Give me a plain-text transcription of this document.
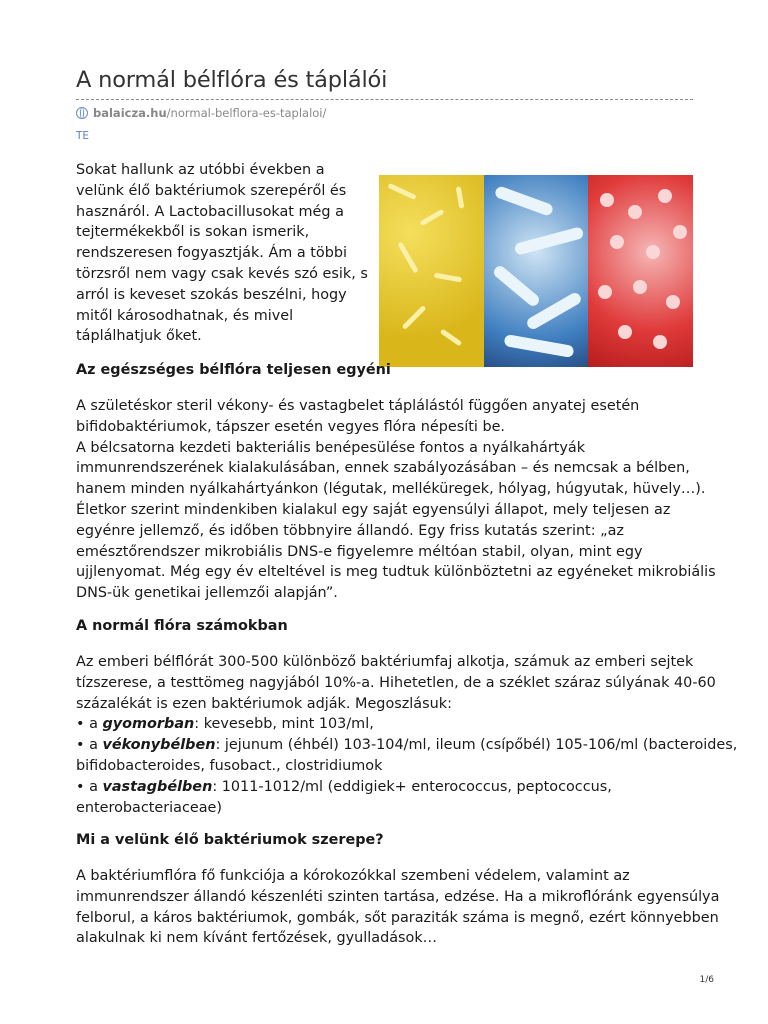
A normál bélflóra és táplálói
balaicza.hu/normal-belflora-es-taplaloi/
TE

Sokat hallunk az utóbbi években a
velünk élő baktériumok szerepéről és
hasznáról. A Lactobacillusokat még a
tejtermékekből is sokan ismerik,
rendszeresen fogyasztják. Ám a többi
törzsről nem vagy csak kevés szó esik, s
arról is keveset szokás beszélni, hogy
mitől károsodhatnak, és mivel
táplálhatjuk őket.

Az egészséges bélflóra teljesen egyéni

A születéskor steril vékony- és vastagbelet táplálástól függően anyatej esetén
bifidobaktériumok, tápszer esetén vegyes flóra népesíti be.
A bélcsatorna kezdeti bakteriális benépesülése fontos a nyálkahártyák
immunrendszerének kialakulásában, ennek szabályozásában – és nemcsak a bélben,
hanem minden nyálkahártyánkon (légutak, melléküregek, hólyag, húgyutak, hüvely…).
Életkor szerint mindenkiben kialakul egy saját egyensúlyi állapot, mely teljesen az
egyénre jellemző, és időben többnyire állandó. Egy friss kutatás szerint: „az
emésztőrendszer mikrobiális DNS-e figyelemre méltóan stabil, olyan, mint egy
ujjlenyomat. Még egy év elteltével is meg tudtuk különböztetni az egyéneket mikrobiális
DNS-ük genetikai jellemzői alapján”.

A normál flóra számokban

Az emberi bélflórát 300-500 különböző baktériumfaj alkotja, számuk az emberi sejtek
tízszerese, a testtömeg nagyjából 10%-a. Hihetetlen, de a széklet száraz súlyának 40-60
százalékát is ezen baktériumok adják. Megoszlásuk:
• a gyomorban: kevesebb, mint 103/ml,
• a vékonybélben: jejunum (éhbél) 103-104/ml, ileum (csípőbél) 105-106/ml (bacteroides,
bifidobacteroides, fusobact., clostridiumok
• a vastagbélben: 1011-1012/ml (eddigiek+ enterococcus, peptococcus,
enterobacteriaceae)

Mi a velünk élő baktériumok szerepe?

A baktériumflóra fő funkciója a kórokozókkal szembeni védelem, valamint az
immunrendszer állandó készenléti szinten tartása, edzése. Ha a mikroflóránk egyensúlya
felborul, a káros baktériumok, gombák, sőt paraziták száma is megnő, ezért könnyebben
alakulnak ki nem kívánt fertőzések, gyulladások…

1/6
